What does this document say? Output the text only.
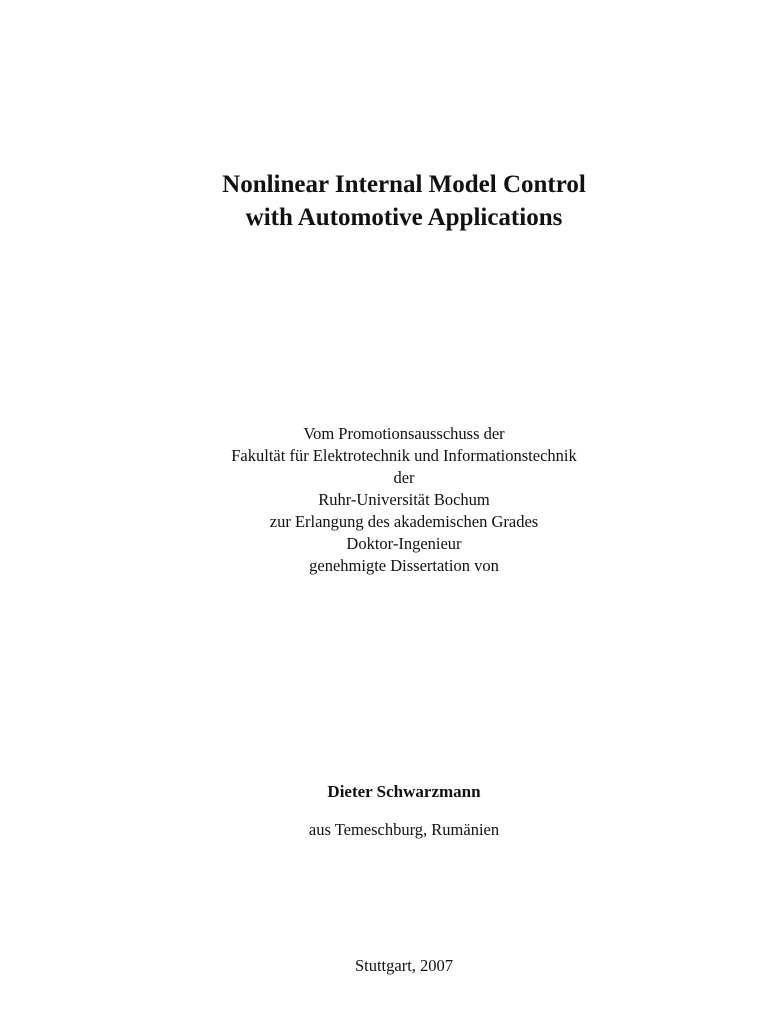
Nonlinear Internal Model Control
with Automotive Applications
Vom Promotionsausschuss der
Fakultät für Elektrotechnik und Informationstechnik
der
Ruhr-Universität Bochum
zur Erlangung des akademischen Grades
Doktor-Ingenieur
genehmigte Dissertation von
Dieter Schwarzmann
aus Temeschburg, Rumänien
Stuttgart, 2007
